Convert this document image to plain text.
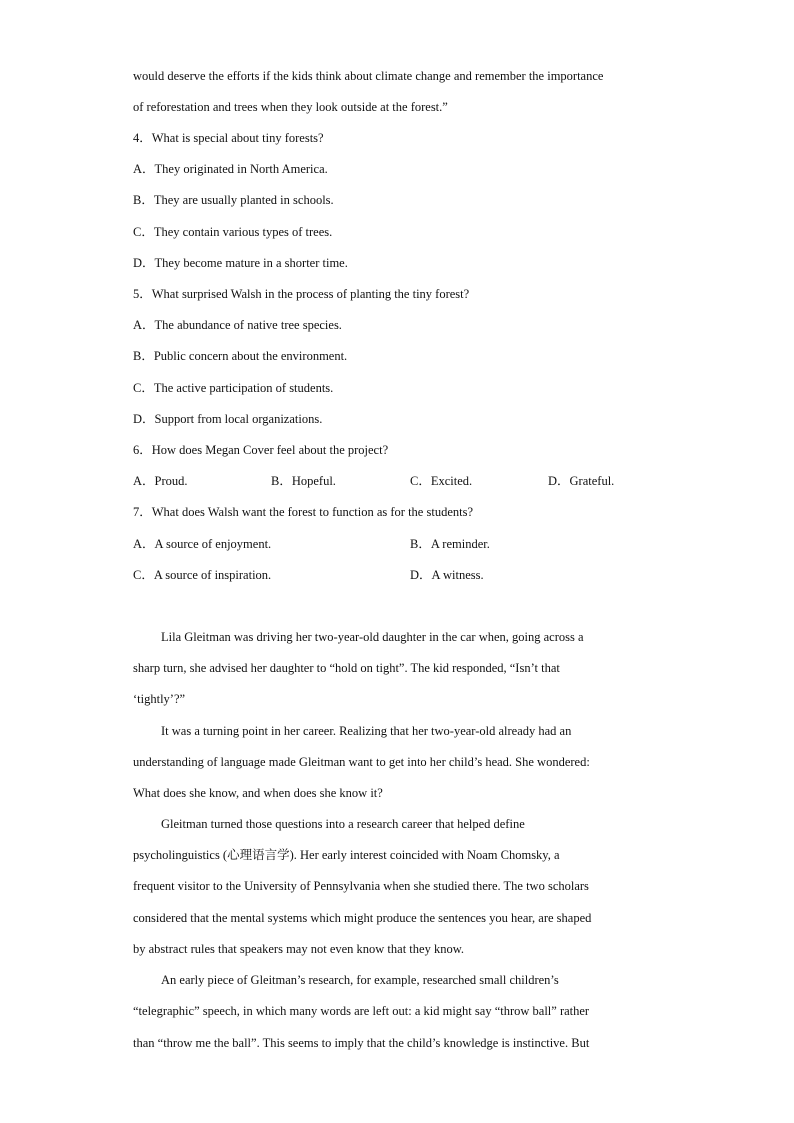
would deserve the efforts if the kids think about climate change and remember the importance
of reforestation and trees when they look outside at the forest.”
4．What is special about tiny forests?
A．They originated in North America.
B．They are usually planted in schools.
C．They contain various types of trees.
D．They become mature in a shorter time.
5．What surprised Walsh in the process of planting the tiny forest?
A．The abundance of native tree species.
B．Public concern about the environment.
C．The active participation of students.
D．Support from local organizations.
6．How does Megan Cover feel about the project?
A．Proud.	B．Hopeful.	C．Excited.	D．Grateful.
7．What does Walsh want the forest to function as for the students?
A．A source of enjoyment.	B．A reminder.
C．A source of inspiration.	D．A witness.
Lila Gleitman was driving her two-year-old daughter in the car when, going across a
sharp turn, she advised her daughter to “hold on tight”. The kid responded, “Isn’t that
‘tightly’?”
It was a turning point in her career. Realizing that her two-year-old already had an
understanding of language made Gleitman want to get into her child’s head. She wondered:
What does she know, and when does she know it?
Gleitman turned those questions into a research career that helped define
psycholinguistics (心理语言学). Her early interest coincided with Noam Chomsky, a
frequent visitor to the University of Pennsylvania when she studied there. The two scholars
considered that the mental systems which might produce the sentences you hear, are shaped
by abstract rules that speakers may not even know that they know.
An early piece of Gleitman’s research, for example, researched small children’s
“telegraphic” speech, in which many words are left out: a kid might say “throw ball” rather
than “throw me the ball”. This seems to imply that the child’s knowledge is instinctive. But
